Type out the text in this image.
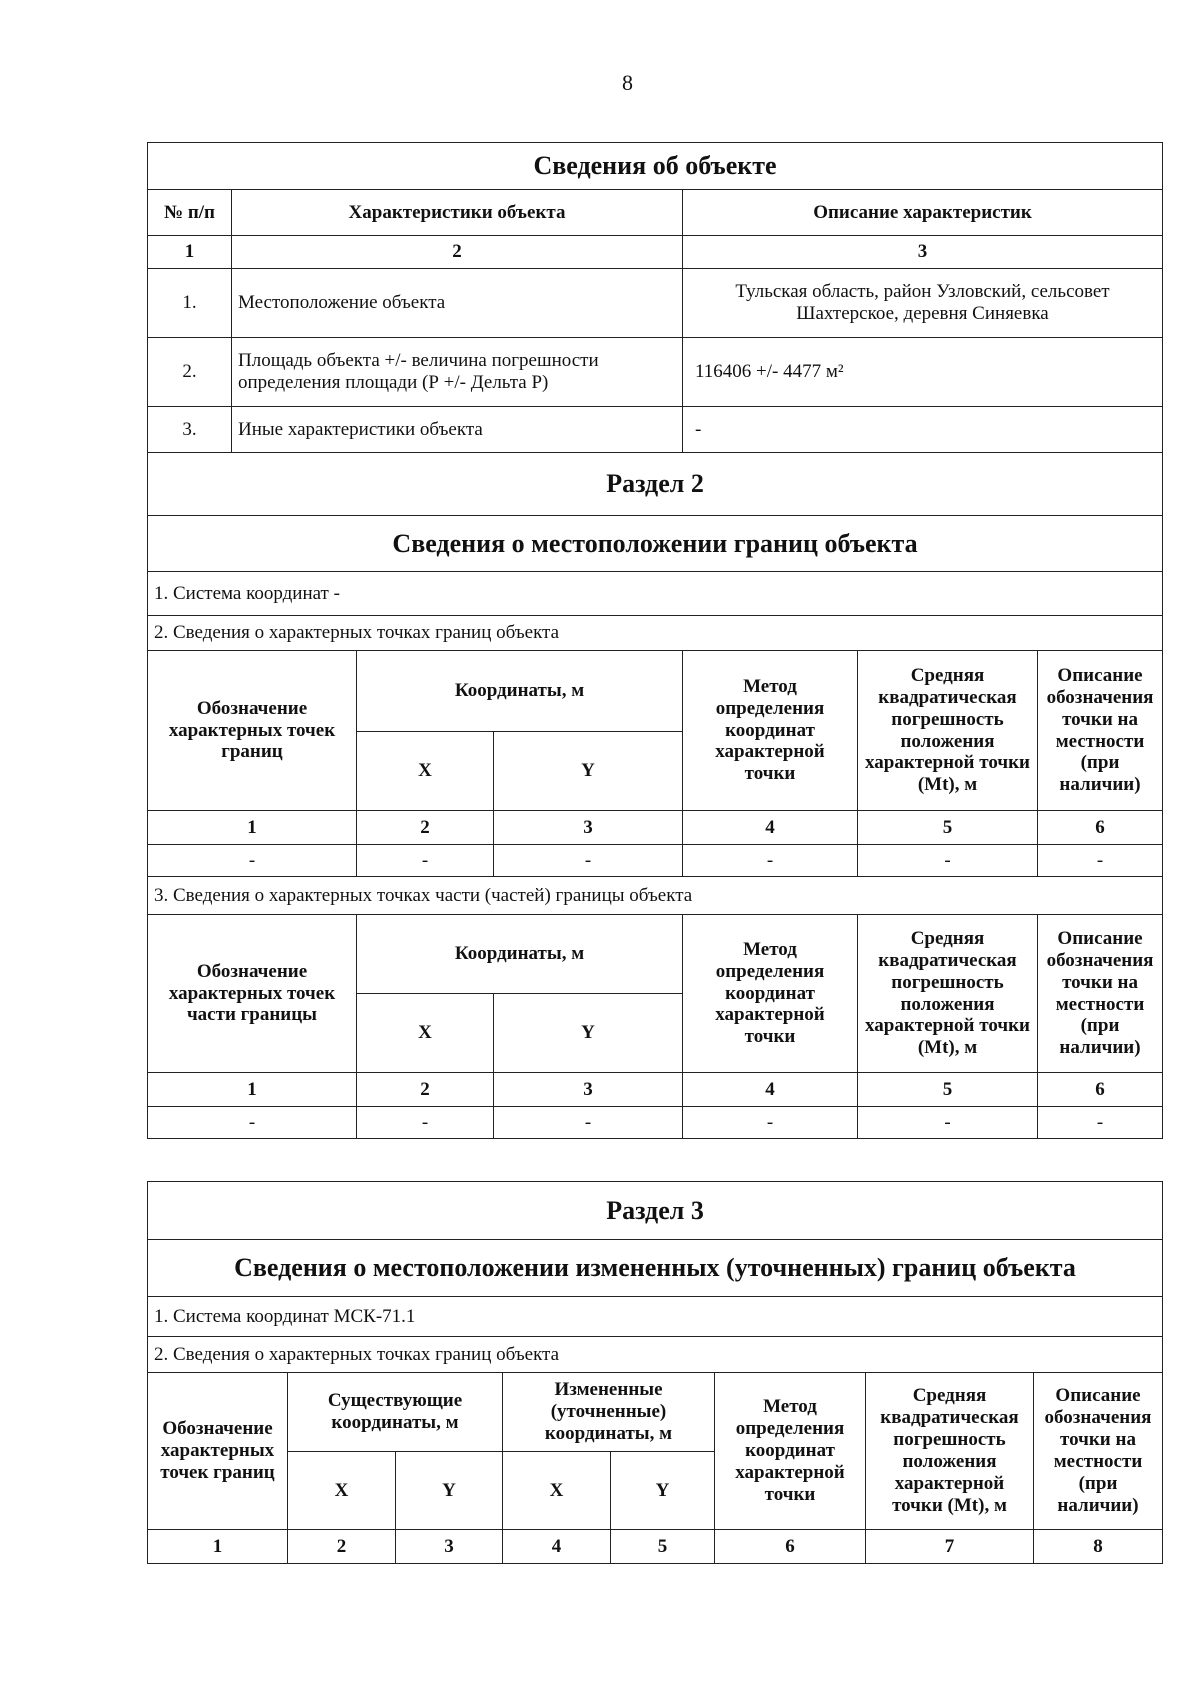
8
Сведения об объекте						
№ п/п	Характеристики объекта			Описание характеристик		
1	2			3		
1.	Местоположение объекта			Тульская область, район Узловский, сельсовет Шахтерское, деревня Синяевка		
2.	Площадь объекта +/- величина погрешности определения площади (Р +/- Дельта Р)			116406 +/- 4477 м²		
3.	Иные характеристики объекта			-		
Раздел 2						
Сведения о местоположении границ объекта						
1. Система координат -						
2. Сведения о характерных точках границ объекта						
Обозначение характерных точек границ		Координаты, м		Метод определения координат характерной точки	Средняя квадратическая погрешность положения характерной точки (Mt), м	Описание обозначения точки на местности (при наличии)
		X	Y			
1		2	3	4	5	6
-		-	-	-	-	-
3. Сведения о характерных точках части (частей) границы объекта						
Обозначение характерных точек части границы		Координаты, м		Метод определения координат характерной точки	Средняя квадратическая погрешность положения характерной точки (Mt), м	Описание обозначения точки на местности (при наличии)
		X	Y			
1		2	3	4	5	6
-		-	-	-	-	-
Раздел 3							
Сведения о местоположении измененных (уточненных) границ объекта							
1. Система координат МСК-71.1							
2. Сведения о характерных точках границ объекта							
Обозначение характерных точек границ	Существующие координаты, м		Измененные (уточненные) координаты, м		Метод определения координат характерной точки	Средняя квадратическая погрешность положения характерной точки (Mt), м	Описание обозначения точки на местности (при наличии)
	X	Y	X	Y			
1	2	3	4	5	6	7	8
